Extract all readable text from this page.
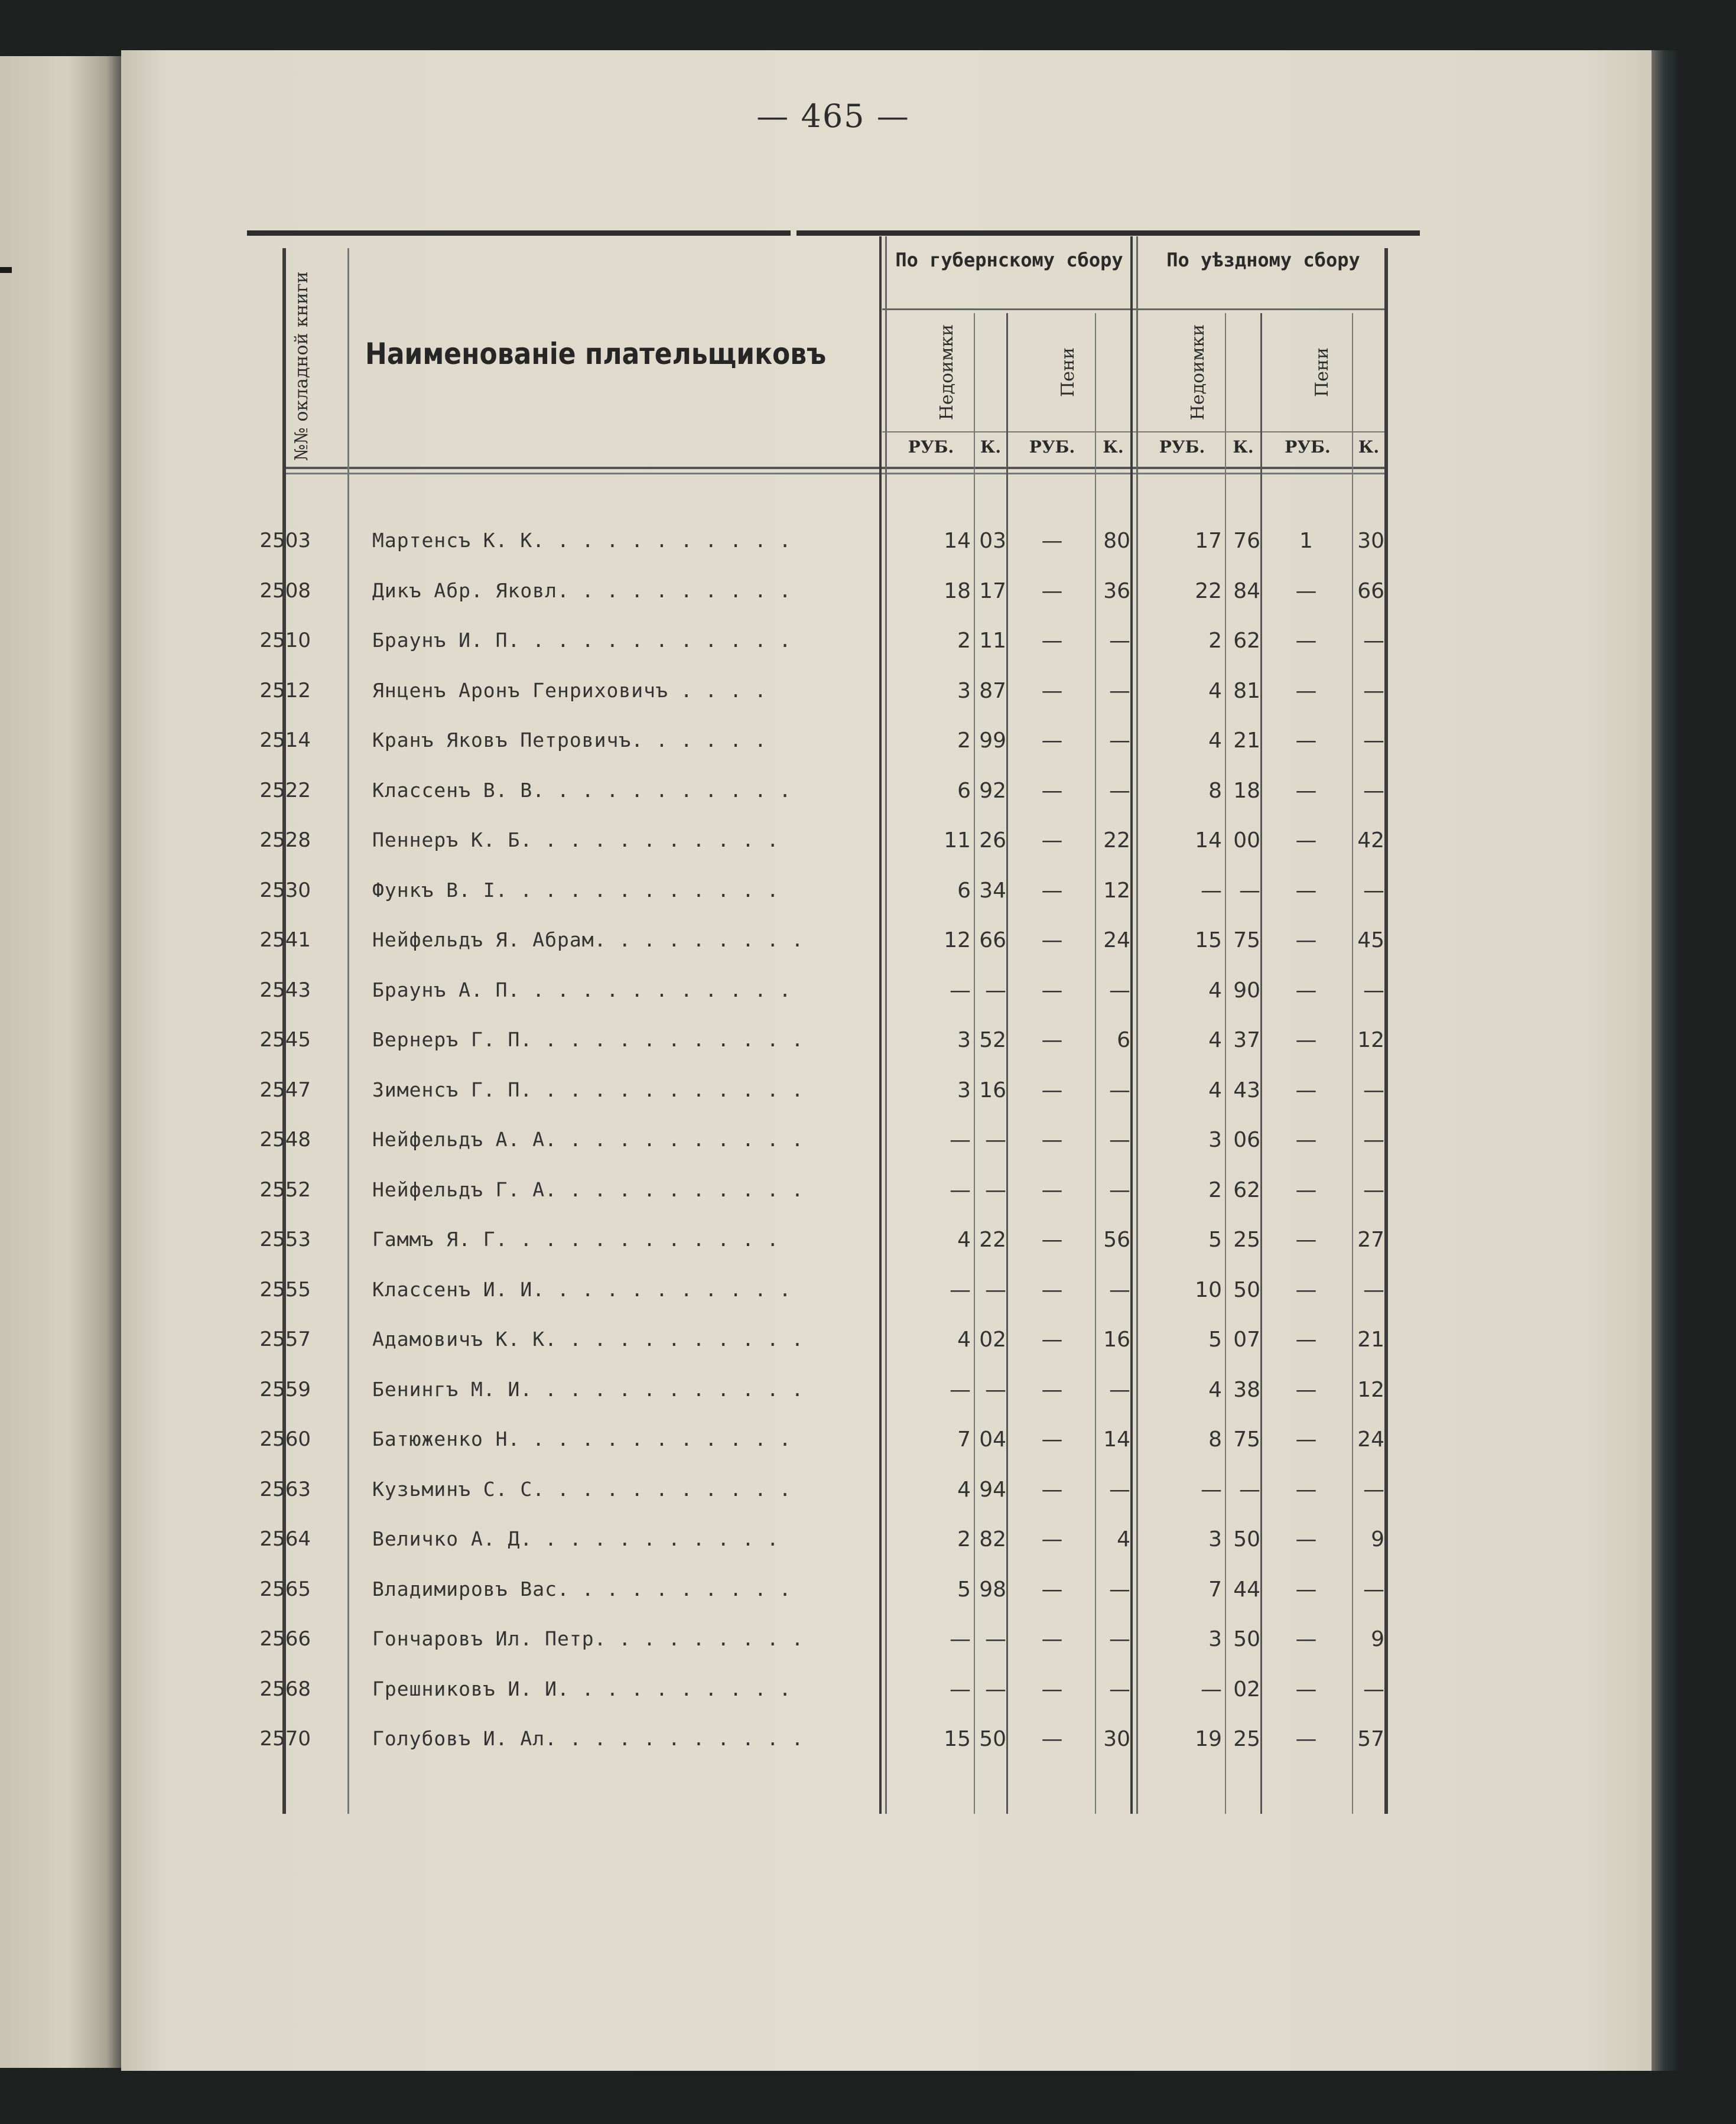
— 465 —
№№ окладной книги	Наименованіе плательщиковъ
По губернскому сбору	По уѣздному сбору
Недоимки	Пени	Недоимки	Пени
РУБ.	К.	РУБ.	К.	РУБ.	К.	РУБ.	К.
2503	Мартенсъ К. К. . . . . . . . . . .	14 03	—	80	17 76	1	30
2508	Дикъ Абр. Яковл. . . . . . . . . .	18 17	—	36	22 84	—	66
2510	Браунъ И. П. . . . . . . . . . . .	2 11	—	—	2 62	—	—
2512	Янценъ Аронъ Генриховичъ . . . .	3 87	—	—	4 81	—	—
2514	Кранъ Яковъ Петровичъ. . . . . .	2 99	—	—	4 21	—	—
2522	Классенъ В. В. . . . . . . . . . .	6 92	—	—	8 18	—	—
2528	Пеннеръ К. Б. . . . . . . . . . .	11 26	—	22	14 00	—	42
2530	Функъ В. I. . . . . . . . . . . .	6 34	—	12	— —	—	—
2541	Нейфельдъ Я. Абрам. . . . . . . . .	12 66	—	24	15 75	—	45
2543	Браунъ А. П. . . . . . . . . . . .	— —	—	—	4 90	—	—
2545	Вернеръ Г. П. . . . . . . . . . . .	3 52	—	6	4 37	—	12
2547	Зименсъ Г. П. . . . . . . . . . . .	3 16	—	—	4 43	—	—
2548	Нейфельдъ А. А. . . . . . . . . . .	— —	—	—	3 06	—	—
2552	Нейфельдъ Г. А. . . . . . . . . . .	— —	—	—	2 62	—	—
2553	Гаммъ Я. Г. . . . . . . . . . . .	4 22	—	56	5 25	—	27
2555	Классенъ И. И. . . . . . . . . . .	— —	—	—	10 50	—	—
2557	Адамовичъ К. К. . . . . . . . . . .	4 02	—	16	5 07	—	21
2559	Бенингъ М. И. . . . . . . . . . . .	— —	—	—	4 38	—	12
2560	Батюженко Н. . . . . . . . . . . .	7 04	—	14	8 75	—	24
2563	Кузьминъ С. С. . . . . . . . . . .	4 94	—	—	— —	—	—
2564	Величко А. Д. . . . . . . . . . .	2 82	—	4	3 50	—	9
2565	Владимировъ Вас. . . . . . . . . .	5 98	—	—	7 44	—	—
2566	Гончаровъ Ил. Петр. . . . . . . . .	— —	—	—	3 50	—	9
2568	Грешниковъ И. И. . . . . . . . . .	— —	—	—	— 02	—	—
2570	Голубовъ И. Ал. . . . . . . . . . .	15 50	—	30	19 25	—	57
